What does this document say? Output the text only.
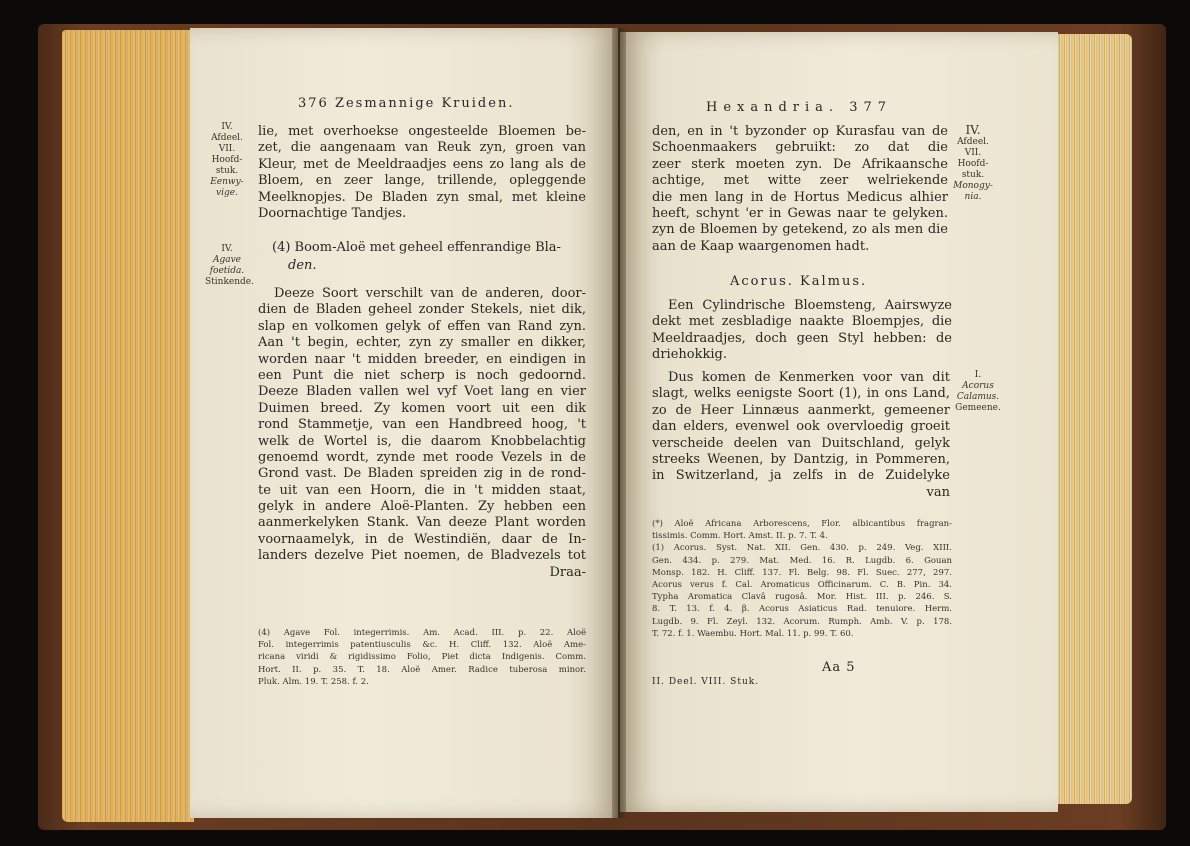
376 Zesmannige Kruiden.
IV.
Afdeel.
VII.
Hoofd-
stuk.
Eenwy-
vige.
lie, met overhoekse ongesteelde Bloemen be-
zet, die aangenaam van Reuk zyn, groen van
Kleur, met de Meeldraadjes eens zo lang als de
Bloem, en zeer lange, trillende, opleggende
Meelknopjes. De Bladen zyn smal, met kleine
Doornachtige Tandjes.
IV.
Agave
foetida.
Stinkende.
(4) Boom-Aloë met geheel effenrandige Bla-
den.
Deeze Soort verschilt van de anderen, door-
dien de Bladen geheel zonder Stekels, niet dik,
slap en volkomen gelyk of effen van Rand zyn.
Aan 't begin, echter, zyn zy smaller en dikker,
worden naar 't midden breeder, en eindigen in
een Punt die niet scherp is noch gedoornd.
Deeze Bladen vallen wel vyf Voet lang en vier
Duimen breed. Zy komen voort uit een dik
rond Stammetje, van een Handbreed hoog, 't
welk de Wortel is, die daarom Knobbelachtig
genoemd wordt, zynde met roode Vezels in de
Grond vast. De Bladen spreiden zig in de rond-
te uit van een Hoorn, die in 't midden staat,
gelyk in andere Aloë-Planten. Zy hebben een
aanmerkelyken Stank. Van deeze Plant worden
voornaamelyk, in de Westindiën, daar de In-
landers dezelve Piet noemen, de Bladvezels tot
Draa-
(4) Agave Fol. integerrimis. Am. Acad. III. p. 22. Aloë
Fol. integerrimis patentiusculis &c. H. Cliff. 132. Aloë Ame-
ricana viridi & rigidissimo Folio, Piet dicta Indigenis. Comm.
Hort. II. p. 35. T. 18. Aloë Amer. Radice tuberosa minor.
Pluk. Alm. 19. T. 258. f. 2.
Hexandria. 377
den, en in 't byzonder op Kurasfau van de
Schoenmaakers gebruikt: zo dat die
zeer sterk moeten zyn. De Afrikaansche
achtige, met witte zeer welriekende
die men lang in de Hortus Medicus alhier
heeft, schynt 'er in Gewas naar te gelyken.
zyn de Bloemen by getekend, zo als men die
aan de Kaap waargenomen hadt.
IV.
Afdeel.
VII.
Hoofd-
stuk.
Monogy-
nia.
Acorus. Kalmus.
Een Cylindrische Bloemsteng, Aairswyze
dekt met zesbladige naakte Bloempjes, die
Meeldraadjes, doch geen Styl hebben: de
driehokkig.
I.
Acorus
Calamus.
Gemeene.
Dus komen de Kenmerken voor van dit
slagt, welks eenigste Soort (1), in ons Land,
zo de Heer Linnæus aanmerkt, gemeener
dan elders, evenwel ook overvloedig groeit
verscheide deelen van Duitschland, gelyk
streeks Weenen, by Dantzig, in Pommeren,
in Switzerland, ja zelfs in de Zuidelyke
van
(*) Aloë Africana Arborescens, Flor. albicantibus fragran-
tissimis. Comm. Hort. Amst. II. p. 7. T. 4.
(1) Acorus. Syst. Nat. XII. Gen. 430. p. 249. Veg. XIII.
Gen. 434. p. 279. Mat. Med. 16. R. Lugdb. 6. Gouan
Monsp. 182. H. Cliff. 137. Fl. Belg. 98. Fl. Suec. 277, 297.
Acorus verus f. Cal. Aromaticus Officinarum. C. B. Pin. 34.
Typha Aromatica Clavâ rugosâ. Mor. Hist. III. p. 246. S.
8. T. 13. f. 4. β. Acorus Asiaticus Rad. tenuiore. Herm.
Lugdb. 9. Fl. Zeyl. 132. Acorum. Rumph. Amb. V. p. 178.
T. 72. f. 1. Waembu. Hort. Mal. 11. p. 99. T. 60.
Aa 5
II. Deel. VIII. Stuk.
